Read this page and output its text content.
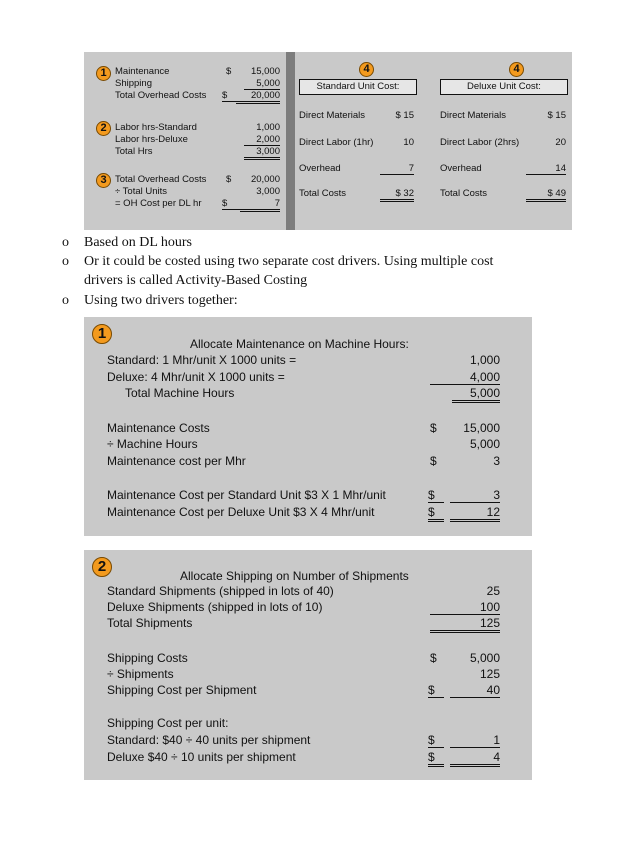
1 Maintenance	$	15,000
Shipping	5,000
Total Overhead Costs $	20,000
2 Labor hrs-Standard	1,000
Labor hrs-Deluxe	2,000
Total Hrs	3,000
3 Total Overhead Costs $	20,000
÷ Total Units	3,000
= OH Cost per DL hr $	7
4
Standard Unit Cost:
Direct Materials	$ 15
Direct Labor (1hr)	10
Overhead	7
Total Costs	$ 32
4
Deluxe Unit Cost:
Direct Materials	$ 15
Direct Labor (2hrs)	20
Overhead	14
Total Costs	$ 49
o Based on DL hours
o Or it could be costed using two separate cost drivers. Using multiple cost
drivers is called Activity-Based Costing
o Using two drivers together:
1
Allocate Maintenance on Machine Hours:
Standard: 1 Mhr/unit X 1000 units =	1,000
Deluxe: 4 Mhr/unit X 1000 units =	4,000
Total Machine Hours	5,000
Maintenance Costs	$	15,000
÷ Machine Hours	5,000
Maintenance cost per Mhr	$	3
Maintenance Cost per Standard Unit $3 X 1 Mhr/unit	$	3
Maintenance Cost per Deluxe Unit $3 X 4 Mhr/unit	$	12
2
Allocate Shipping on Number of Shipments
Standard Shipments (shipped in lots of 40)	25
Deluxe Shipments (shipped in lots of 10)	100
Total Shipments	125
Shipping Costs	$	5,000
÷ Shipments	125
Shipping Cost per Shipment	$	40
Shipping Cost per unit:
Standard: $40 ÷ 40 units per shipment	$	1
Deluxe $40 ÷ 10 units per shipment	$	4
